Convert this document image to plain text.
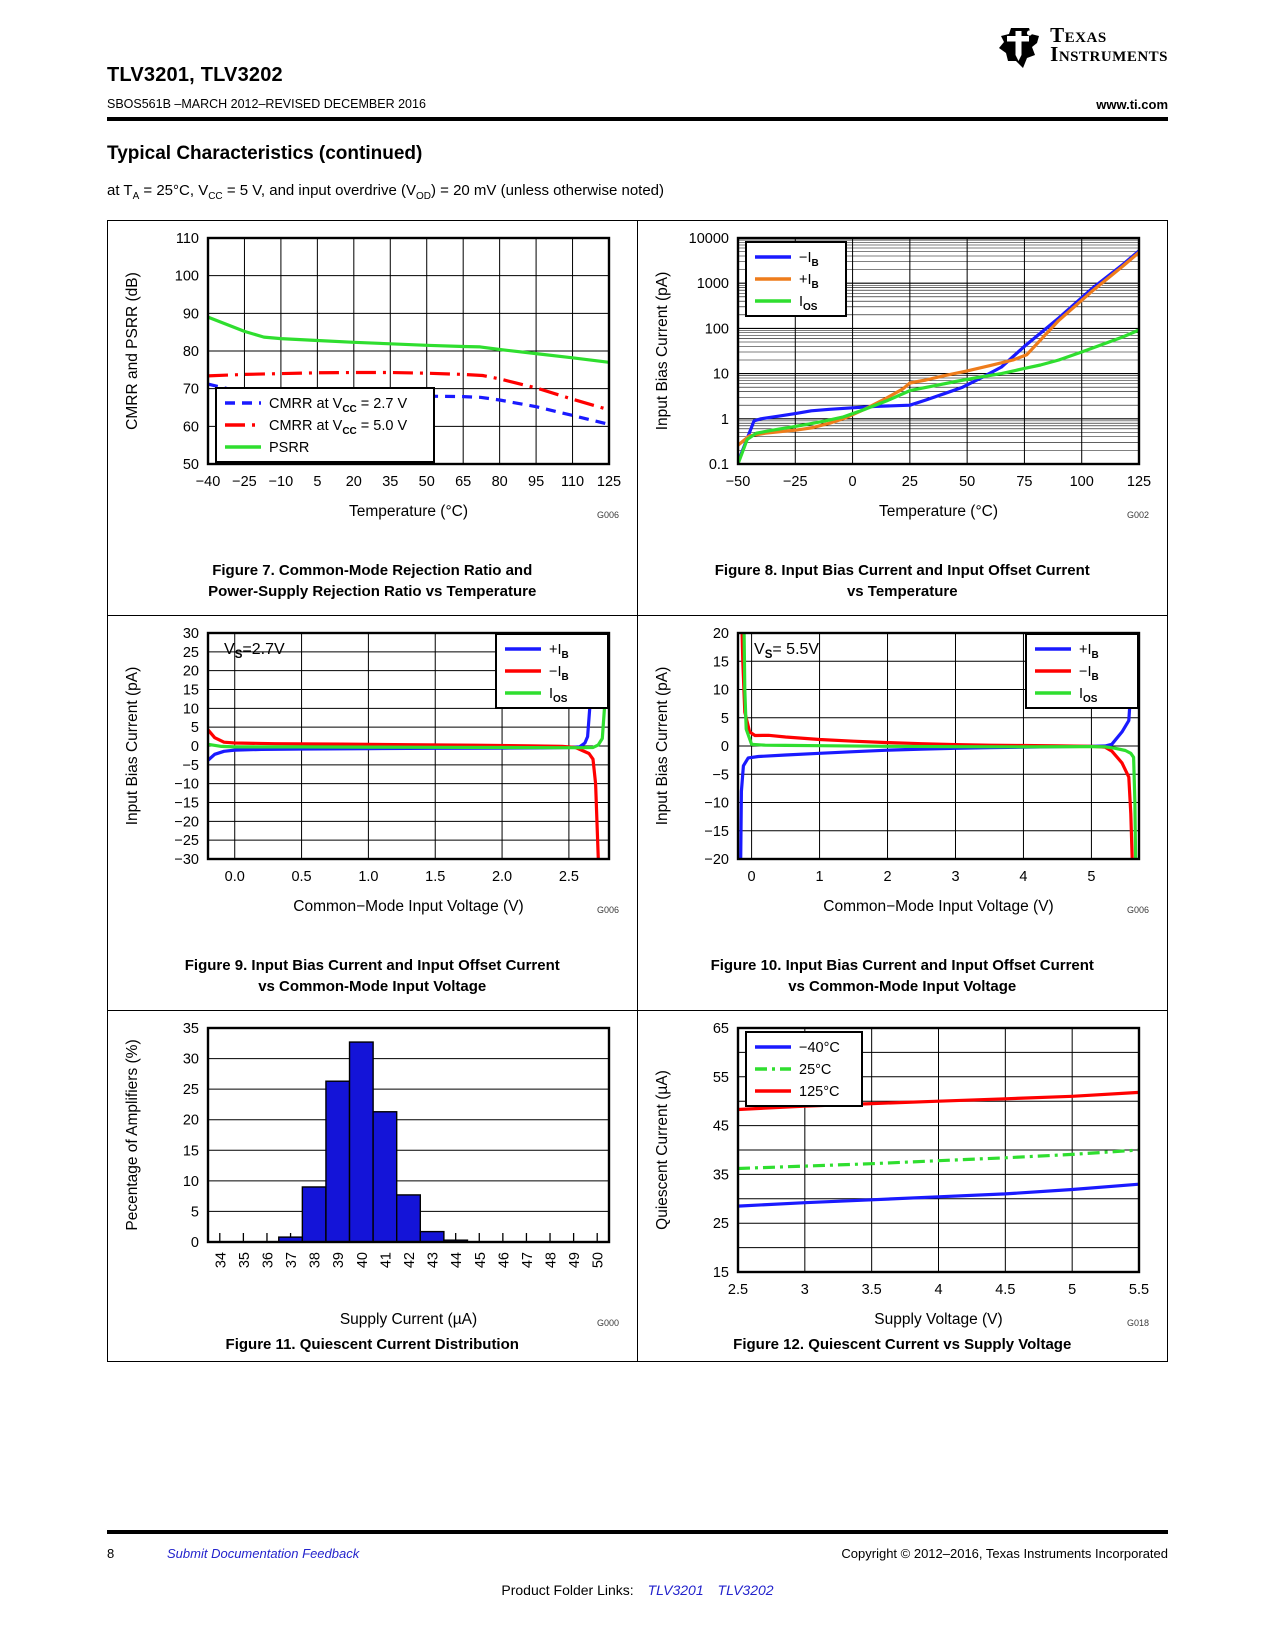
Texas
Instruments
TLV3201, TLV3202
SBOS561B –MARCH 2012–REVISED DECEMBER 2016	www.ti.com
Typical Characteristics (continued)
at $T_A = 25^\circ C$, $V_{CC} = 5$ V, and input overdrive $(V_{OD}) = 20$ mV (unless otherwise noted)
−40 −25 −10 5 20 35 50 65 80 95 110 125
50
60
70
80
90
100
110
Temperature (°C)
CMRR and PSRR (dB)
G006
CMRR at $V_{CC} = 2.7$ V
CMRR at $V_{CC} = 5.0$ V
PSRR
Figure 7. Common-Mode Rejection Ratio and
Power-Supply Rejection Ratio vs Temperature
−50 −25	0	25	50	75	100 125
0.1
1
10
100
1000
10000
Temperature (°C)
Input Bias Current (pA)
G002
$-I_B$
$+I_B$
$I_{OS}$
Figure 8. Input Bias Current and Input Offset Current
vs Temperature
0.0	0.5	1.0	1.5	2.0	2.5
−30
−25
−20
−15
−10
−5
0
5
10
15
20
25
30
Common−Mode Input Voltage (V)
Input Bias Current (pA)
G006
$V_S=2.7V$	$+I_B$
$-I_B$
$I_{OS}$
Figure 9. Input Bias Current and Input Offset Current
vs Common-Mode Input Voltage
0	1	2	3	4	5
−20
−15
−10
−5
0
5
10
15
20
Common−Mode Input Voltage (V)
Input Bias Current (pA)
G006
$V_S= 5.5V$	$+I_B$
$-I_B$
$I_{OS}$
Figure 10. Input Bias Current and Input Offset Current
vs Common-Mode Input Voltage
34 35 36 37 38 39 40 41 42 43 44 45 46 47 48 49 50
0
5
10
15
20
25
30
35
Supply Current (µA)
Pecentage of Amplifiers (%)
G000
Figure 11. Quiescent Current Distribution
2.5	3	3.5	4	4.5	5	5.5
15
25
35
45
55
65
Supply Voltage (V)
Quiescent Current (µA)
G018
−40°C
25°C
125°C
Figure 12. Quiescent Current vs Supply Voltage
8	Submit Documentation Feedback	Copyright © 2012–2016, Texas Instruments Incorporated
Product Folder Links: TLV3201 TLV3202
